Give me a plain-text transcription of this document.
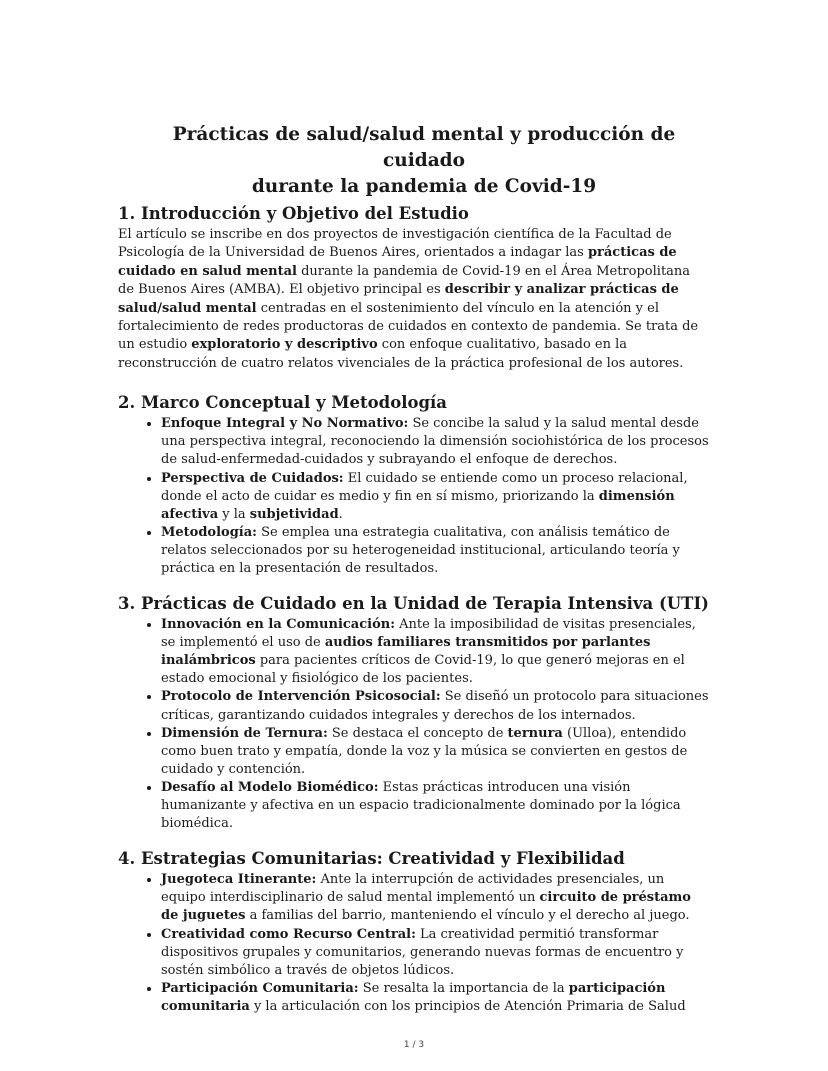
Prácticas de salud/salud mental y producción de cuidado
durante la pandemia de Covid-19
1. Introducción y Objetivo del Estudio

El artículo se inscribe en dos proyectos de investigación científica de la Facultad de Psicología de la Universidad de Buenos Aires, orientados a indagar las prácticas de cuidado en salud mental durante la pandemia de Covid-19 en el Área Metropolitana de Buenos Aires (AMBA). El objetivo principal es describir y analizar prácticas de salud/salud mental centradas en el sostenimiento del vínculo en la atención y el fortalecimiento de redes productoras de cuidados en contexto de pandemia. Se trata de un estudio exploratorio y descriptivo con enfoque cualitativo, basado en la reconstrucción de cuatro relatos vivenciales de la práctica profesional de los autores.

2. Marco Conceptual y Metodología
• Enfoque Integral y No Normativo: Se concibe la salud y la salud mental desde una perspectiva integral, reconociendo la dimensión sociohistórica de los procesos de salud-enfermedad-cuidados y subrayando el enfoque de derechos.
• Perspectiva de Cuidados: El cuidado se entiende como un proceso relacional, donde el acto de cuidar es medio y fin en sí mismo, priorizando la dimensión afectiva y la subjetividad.
• Metodología: Se emplea una estrategia cualitativa, con análisis temático de relatos seleccionados por su heterogeneidad institucional, articulando teoría y práctica en la presentación de resultados.
3. Prácticas de Cuidado en la Unidad de Terapia Intensiva (UTI)
• Innovación en la Comunicación: Ante la imposibilidad de visitas presenciales, se implementó el uso de audios familiares transmitidos por parlantes inalámbricos para pacientes críticos de Covid-19, lo que generó mejoras en el estado emocional y fisiológico de los pacientes.
• Protocolo de Intervención Psicosocial: Se diseñó un protocolo para situaciones críticas, garantizando cuidados integrales y derechos de los internados.
• Dimensión de Ternura: Se destaca el concepto de ternura (Ulloa), entendido como buen trato y empatía, donde la voz y la música se convierten en gestos de cuidado y contención.
• Desafío al Modelo Biomédico: Estas prácticas introducen una visión humanizante y afectiva en un espacio tradicionalmente dominado por la lógica biomédica.
4. Estrategias Comunitarias: Creatividad y Flexibilidad
• Juegoteca Itinerante: Ante la interrupción de actividades presenciales, un equipo interdisciplinario de salud mental implementó un circuito de préstamo de juguetes a familias del barrio, manteniendo el vínculo y el derecho al juego.
• Creatividad como Recurso Central: La creatividad permitió transformar dispositivos grupales y comunitarios, generando nuevas formas de encuentro y sostén simbólico a través de objetos lúdicos.
• Participación Comunitaria: Se resalta la importancia de la participación comunitaria y la articulación con los principios de Atención Primaria de Salud
1 / 3
